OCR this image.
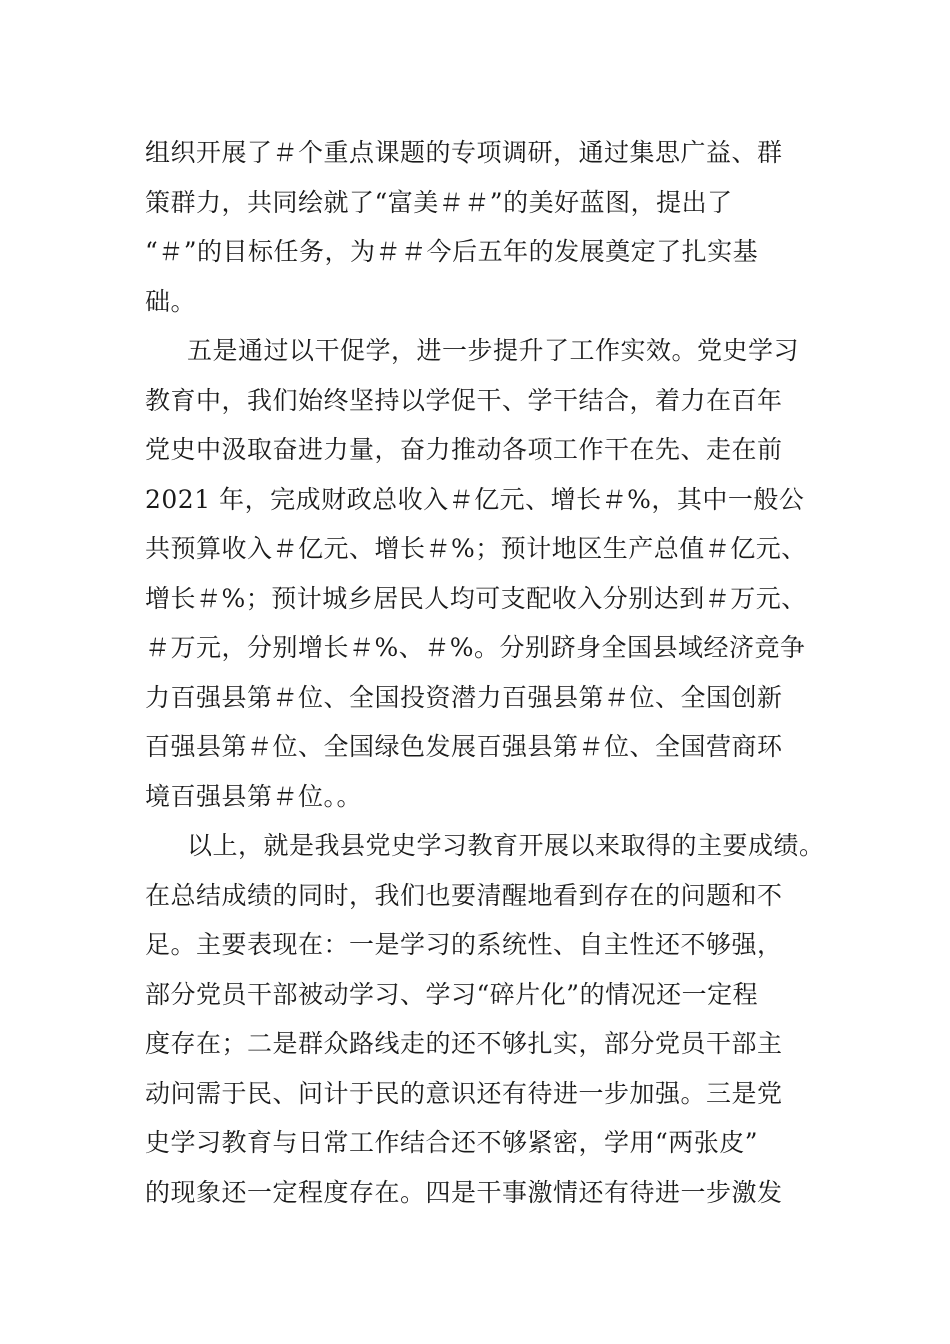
组织开展了＃个重点课题的专项调研，通过集思广益、群
策群力，共同绘就了“富美＃＃”的美好蓝图，提出了
“＃”的目标任务，为＃＃今后五年的发展奠定了扎实基
础。
五是通过以干促学，进一步提升了工作实效。党史学习
教育中，我们始终坚持以学促干、学干结合，着力在百年
党史中汲取奋进力量，奋力推动各项工作干在先、走在前
2021 年，完成财政总收入＃亿元、增长＃%，其中一般公
共预算收入＃亿元、增长＃%；预计地区生产总值＃亿元、
增长＃%；预计城乡居民人均可支配收入分别达到＃万元、
＃万元，分别增长＃%、＃%。分别跻身全国县域经济竞争
力百强县第＃位、全国投资潜力百强县第＃位、全国创新
百强县第＃位、全国绿色发展百强县第＃位、全国营商环
境百强县第＃位。。
以上，就是我县党史学习教育开展以来取得的主要成绩。
在总结成绩的同时，我们也要清醒地看到存在的问题和不
足。主要表现在：一是学习的系统性、自主性还不够强，
部分党员干部被动学习、学习“碎片化”的情况还一定程
度存在；二是群众路线走的还不够扎实，部分党员干部主
动问需于民、问计于民的意识还有待进一步加强。三是党
史学习教育与日常工作结合还不够紧密，学用“两张皮”
的现象还一定程度存在。四是干事激情还有待进一步激发
